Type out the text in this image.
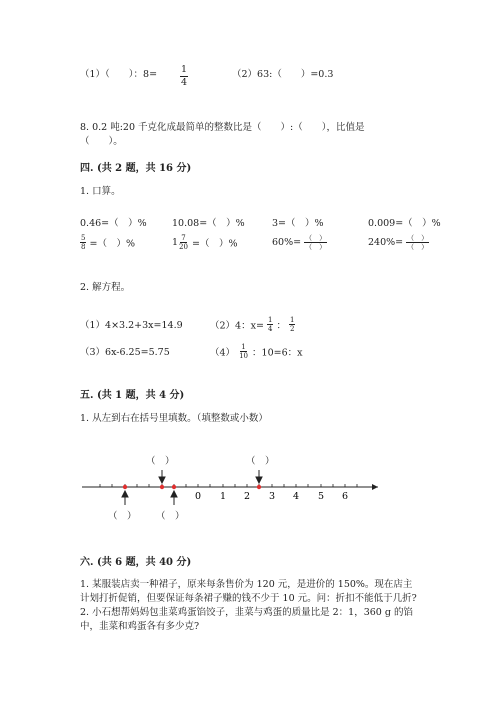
（1）（　　）：$8= \frac{1}{4}$	（2）63:（　　）=0.3
8. 0.2 吨:20 千克化成最简单的整数比是（　　）:（　　），比值是
（　　）。
四. (共 2 题，共 16 分)
1. 口算。
0.46=（　）%	10.08=（　）%	3=（　）%	0.009=（　）%
$\frac{5}{8}$ =（　）%	$1 \frac{7}{20}$ =（　）%	$60\%= \frac{( )}{( )}$	$240\%= \frac{( )}{( )}$
2. 解方程。
（1）4×3.2+3x=14.9	（2）4：$x= \frac{1}{4}$ ： $\frac{1}{2}$
（3）6x-6.25=5.75	$(4) \frac{1}{10}$ ：10=6：x
五. (共 1 题，共 4 分)
1. 从左到右在括号里填数。（填整数或小数）
（　）	（　）
（　） （　）
0 1 2 3 4 5 6
六. (共 6 题，共 40 分)
1. 某服装店卖一种裙子，原来每条售价为 120 元，是进价的 150%。现在店主
计划打折促销，但要保证每条裙子赚的钱不少于 10 元。问：折扣不能低于几折?
2. 小石想帮妈妈包韭菜鸡蛋馅饺子，韭菜与鸡蛋的质量比是 2：1，360 g 的馅
中，韭菜和鸡蛋各有多少克?
